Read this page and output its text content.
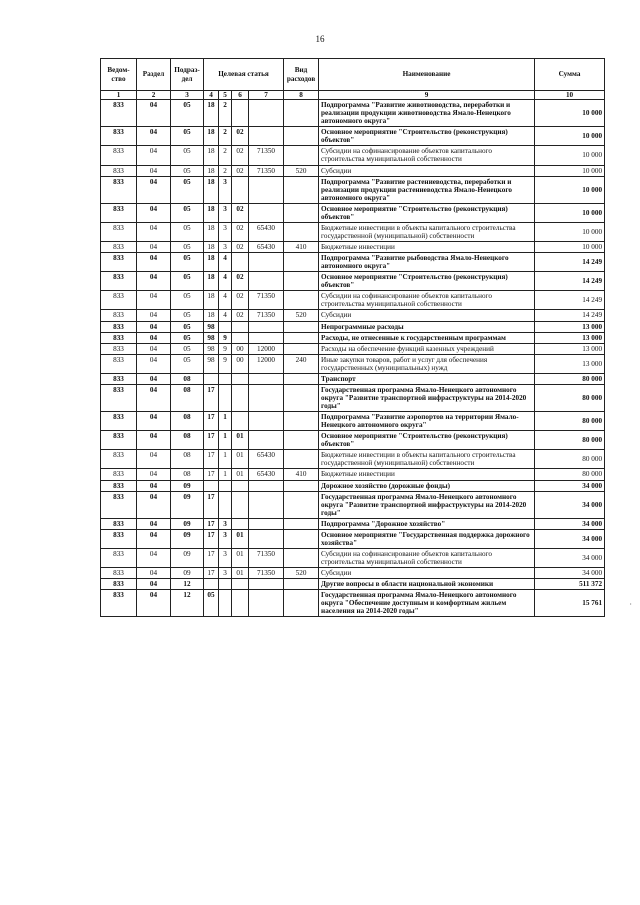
16
Ведом-ство	Раздел	Подраз-дел	Целевая статья				Вид расходов	Наименование	Сумма
1	2	3	4	5	6	7	8	9	10
833	04	05	18	2				Подпрограмма "Развитие животноводства, переработки и реализации продукции животноводства Ямало-Ненецкого автономного округа"	10 000
833	04	05	18	2	02			Основное мероприятие "Строительство (реконструкция) объектов"	10 000
833	04	05	18	2	02	71350		Субсидии на софинансирование объектов капитального строительства муниципальной собственности	10 000
833	04	05	18	2	02	71350	520	Субсидии	10 000
833	04	05	18	3				Подпрограмма "Развитие растениеводства, переработки и реализации продукции растениеводства Ямало-Ненецкого автономного округа"	10 000
833	04	05	18	3	02			Основное мероприятие "Строительство (реконструкция) объектов"	10 000
833	04	05	18	3	02	65430		Бюджетные инвестиции в объекты капитального строительства государственной (муниципальной) собственности	10 000
833	04	05	18	3	02	65430	410	Бюджетные инвестиции	10 000
833	04	05	18	4				Подпрограмма "Развитие рыбоводства Ямало-Ненецкого автономного округа"	14 249
833	04	05	18	4	02			Основное мероприятие "Строительство (реконструкция) объектов"	14 249
833	04	05	18	4	02	71350		Субсидии на софинансирование объектов капитального строительства муниципальной собственности	14 249
833	04	05	18	4	02	71350	520	Субсидии	14 249
833	04	05	98					Непрограммные расходы	13 000
833	04	05	98	9				Расходы, не отнесенные к государственным программам	13 000
833	04	05	98	9	00	12000		Расходы на обеспечение функций казенных учреждений	13 000
833	04	05	98	9	00	12000	240	Иные закупки товаров, работ и услуг для обеспечения государственных (муниципальных) нужд	13 000
833	04	08						Транспорт	80 000
833	04	08	17					Государственная программа Ямало-Ненецкого автономного округа "Развитие транспортной инфраструктуры на 2014-2020 годы"	80 000
833	04	08	17	1				Подпрограмма "Развитие аэропортов на территории Ямало-Ненецкого автономного округа"	80 000
833	04	08	17	1	01			Основное мероприятие "Строительство (реконструкция) объектов"	80 000
833	04	08	17	1	01	65430		Бюджетные инвестиции в объекты капитального строительства государственной (муниципальной) собственности	80 000
833	04	08	17	1	01	65430	410	Бюджетные инвестиции	80 000
833	04	09						Дорожное хозяйство (дорожные фонды)	34 000
833	04	09	17					Государственная программа Ямало-Ненецкого автономного округа "Развитие транспортной инфраструктуры на 2014-2020 годы"	34 000
833	04	09	17	3				Подпрограмма "Дорожное хозяйство"	34 000
833	04	09	17	3	01			Основное мероприятие "Государственная поддержка дорожного хозяйства"	34 000
833	04	09	17	3	01	71350		Субсидии на софинансирование объектов капитального строительства муниципальной собственности	34 000
833	04	09	17	3	01	71350	520	Субсидии	34 000
833	04	12						Другие вопросы в области национальной экономики	511 372
833	04	12	05					Государственная программа Ямало-Ненецкого автономного округа "Обеспечение доступным и комфортным жильем населения на 2014-2020 годы"	15 761	·
